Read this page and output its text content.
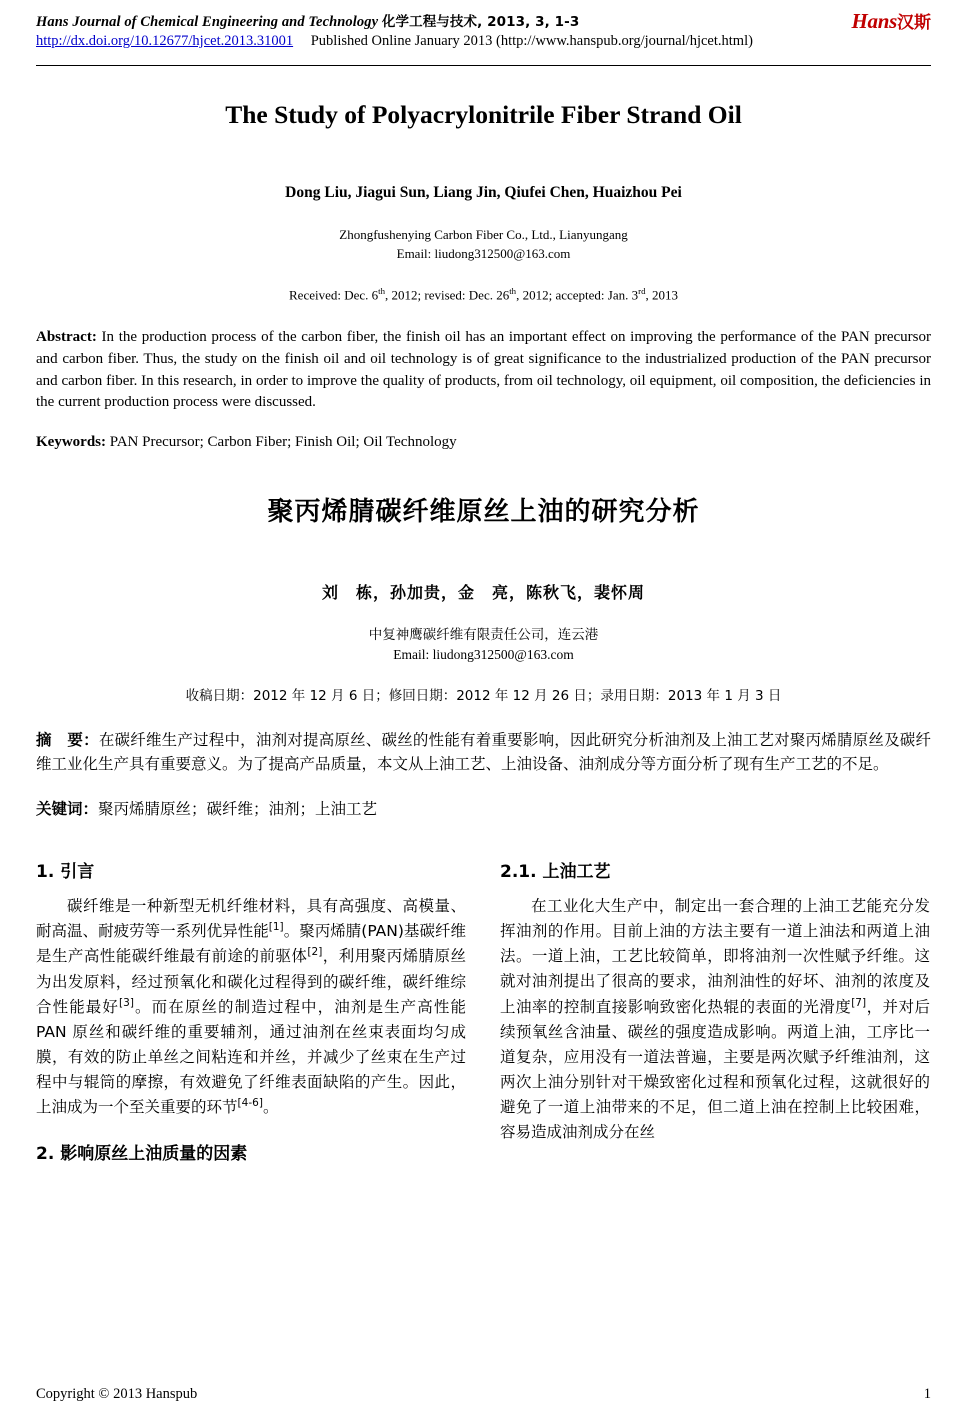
Hans Journal of Chemical Engineering and Technology 化学工程与技术, 2013, 3, 1-3
http://dx.doi.org/10.12677/hjcet.2013.31001 Published Online January 2013 (http://www.hanspub.org/journal/hjcet.html)
Hans汉斯
The Study of Polyacrylonitrile Fiber Strand Oil
Dong Liu, Jiagui Sun, Liang Jin, Qiufei Chen, Huaizhou Pei
Zhongfushenying Carbon Fiber Co., Ltd., Lianyungang
Email: liudong312500@163.com
Received: Dec. 6th, 2012; revised: Dec. 26th, 2012; accepted: Jan. 3rd, 2013
Abstract: In the production process of the carbon fiber, the finish oil has an important effect on improving the performance of the PAN precursor and carbon fiber. Thus, the study on the finish oil and oil technology is of great significance to the industrialized production of the PAN precursor and carbon fiber. In this research, in order to improve the quality of products, from oil technology, oil equipment, oil composition, the deficiencies in the current production process were discussed.
Keywords: PAN Precursor; Carbon Fiber; Finish Oil; Oil Technology
聚丙烯腈碳纤维原丝上油的研究分析
刘　栋，孙加贵，金　亮，陈秋飞，裴怀周
中复神鹰碳纤维有限责任公司，连云港
Email: liudong312500@163.com
收稿日期：2012 年 12 月 6 日；修回日期：2012 年 12 月 26 日；录用日期：2013 年 1 月 3 日
摘　要：在碳纤维生产过程中，油剂对提高原丝、碳丝的性能有着重要影响，因此研究分析油剂及上油工艺对聚丙烯腈原丝及碳纤维工业化生产具有重要意义。为了提高产品质量，本文从上油工艺、上油设备、油剂成分等方面分析了现有生产工艺的不足。
关键词：聚丙烯腈原丝；碳纤维；油剂；上油工艺
1. 引言

碳纤维是一种新型无机纤维材料，具有高强度、高模量、耐高温、耐疲劳等一系列优异性能[1]。聚丙烯腈(PAN)基碳纤维是生产高性能碳纤维最有前途的前驱体[2]，利用聚丙烯腈原丝为出发原料，经过预氧化和碳化过程得到的碳纤维，碳纤维综合性能最好[3]。而在原丝的制造过程中，油剂是生产高性能 PAN 原丝和碳纤维的重要辅剂，通过油剂在丝束表面均匀成膜，有效的防止单丝之间粘连和并丝，并减少了丝束在生产过程中与辊筒的摩擦，有效避免了纤维表面缺陷的产生。因此，上油成为一个至关重要的环节[4-6]。

2. 影响原丝上油质量的因素
2.1. 上油工艺

在工业化大生产中，制定出一套合理的上油工艺能充分发挥油剂的作用。目前上油的方法主要有一道上油法和两道上油法。一道上油，工艺比较简单，即将油剂一次性赋予纤维。这就对油剂提出了很高的要求，油剂油性的好坏、油剂的浓度及上油率的控制直接影响致密化热辊的表面的光滑度[7]，并对后续预氧丝含油量、碳丝的强度造成影响。两道上油，工序比一道复杂，应用没有一道法普遍，主要是两次赋予纤维油剂，这两次上油分别针对干燥致密化过程和预氧化过程，这就很好的避免了一道上油带来的不足，但二道上油在控制上比较困难，容易造成油剂成分在丝

Copyright © 2013 Hanspub	1
